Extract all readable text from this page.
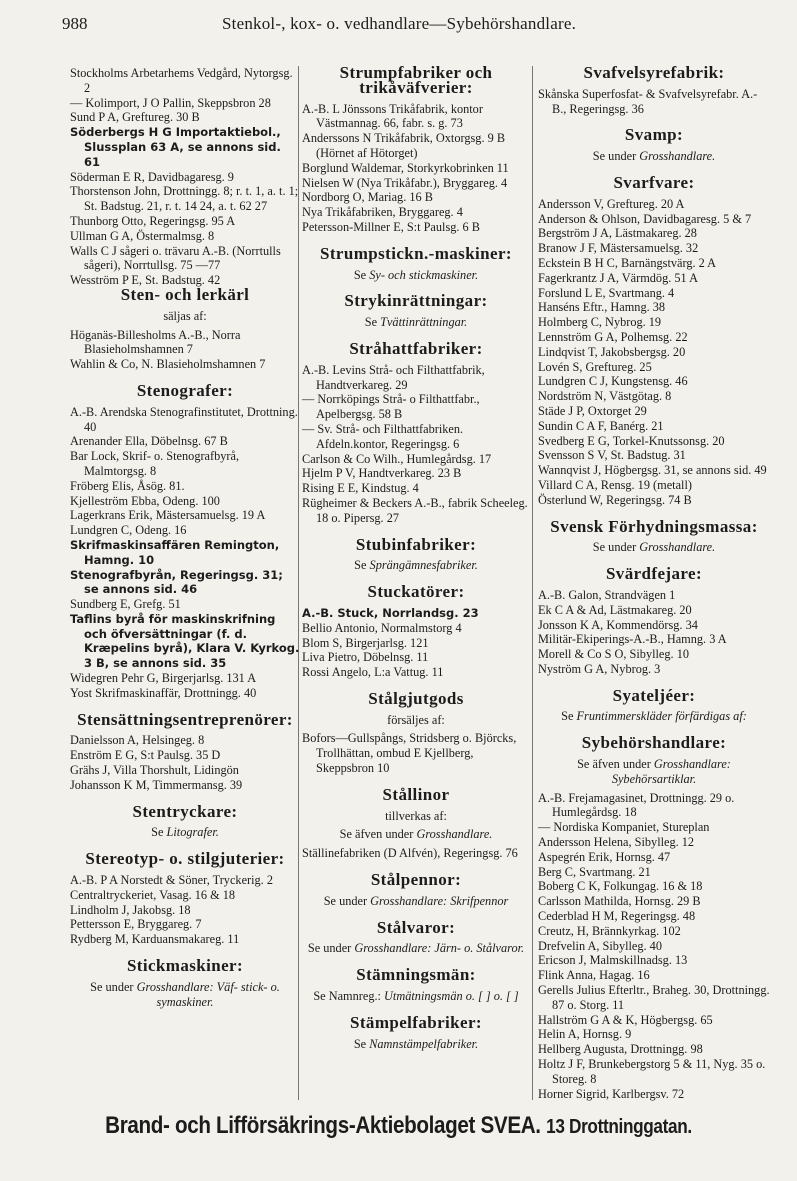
988	Stenkol-, kox- o. vedhandlare—Sybehörshandlare.
Stockholms Arbetarhems Vedgård, Nytorgsg. 2
— Kolimport, J O Pallin, Skeppsbron 28
Sund P A, Greftureg. 30 B
Söderbergs H G Importaktiebol., Slussplan 63 A, se annons sid. 61
Söderman E R, Davidbagaresg. 9
Thorstenson John, Drottningg. 8; r. t. 1, a. t. 1; St. Badstug. 21, r. t. 14 24, a. t. 62 27
Thunborg Otto, Regeringsg. 95 A
Ullman G A, Östermalmsg. 8
Walls C J sågeri o. trävaru A.-B. (Norrtulls sågeri), Norrtullsg. 75 —77
Wesström P E, St. Badstug. 42
Sten- och lerkärl
säljas af:
Höganäs-Billesholms A.-B., Norra Blasieholmshamnen 7
Wahlin & Co, N. Blasieholmshamnen 7
Stenografer:
A.-B. Arendska Stenografinstitutet, Drottning. 40
Arenander Ella, Döbelnsg. 67 B
Bar Lock, Skrif- o. Stenografbyrå, Malmtorgsg. 8
Fröberg Elis, Åsög. 81.
Kjelleström Ebba, Odeng. 100
Lagerkrans Erik, Mästersamuelsg. 19 A
Lundgren C, Odeng. 16
Skrifmaskinsaffären Remington, Hamng. 10
Stenografbyrån, Regeringsg. 31; se annons sid. 46
Sundberg E, Grefg. 51
Taflins byrå för maskinskrifning och öfversättningar (f. d. Kræpelins byrå), Klara V. Kyrkog. 3 B, se annons sid. 35
Widegren Pehr G, Birgerjarlsg. 131 A
Yost Skrifmaskinaffär, Drottningg. 40
Stensättningsentreprenörer:
Danielsson A, Helsingeg. 8
Enström E G, S:t Paulsg. 35 D
Grähs J, Villa Thorshult, Lidingön
Johansson K M, Timmermansg. 39
Stentryckare:
Se Litografer.
Stereotyp- o. stilgjuterier:
A.-B. P A Norstedt & Söner, Tryckerig. 2
Centraltryckeriet, Vasag. 16 & 18
Lindholm J, Jakobsg. 18
Pettersson E, Bryggareg. 7
Rydberg M, Karduansmakareg. 11
Stickmaskiner:
Se under Grosshandlare: Väf- stick- o. symaskiner.
Strumpfabriker och trikåväfverier:
A.-B. L Jönssons Trikåfabrik, kontor Västmannag. 66, fabr. s. g. 73
Anderssons N Trikåfabrik, Oxtorgsg. 9 B (Hörnet af Hötorget)
Borglund Waldemar, Storkyrkobrinken 11
Nielsen W (Nya Trikåfabr.), Bryggareg. 4
Nordborg O, Mariag. 16 B
Nya Trikåfabriken, Bryggareg. 4
Petersson-Millner E, S:t Paulsg. 6 B
Strumpstickn.-maskiner:
Se Sy- och stickmaskiner.
Strykinrättningar:
Se Tvättinrättningar.
Stråhattfabriker:
A.-B. Levins Strå- och Filthattfabrik, Handtverkareg. 29
— Norrköpings Strå- o Filthattfabr., Apelbergsg. 58 B
— Sv. Strå- och Filthattfabriken. Afdeln.kontor, Regeringsg. 6
Carlson & Co Wilh., Humlegårdsg. 17
Hjelm P V, Handtverkareg. 23 B
Rising E E, Kindstug. 4
Rügheimer & Beckers A.-B., fabrik Scheeleg. 18 o. Pipersg. 27
Stubinfabriker:
Se Sprängämnesfabriker.
Stuckatörer:
A.-B. Stuck, Norrlandsg. 23
Bellio Antonio, Normalmstorg 4
Blom S, Birgerjarlsg. 121
Liva Pietro, Döbelnsg. 11
Rossi Angelo, L:a Vattug. 11
Stålgjutgods
försäljes af:
Bofors—Gullspångs, Stridsberg o. Björcks, Trollhättan, ombud E Kjellberg, Skeppsbron 10
Stållinor
tillverkas af:
Se äfven under Grosshandlare.
Ställinefabriken (D Alfvén), Regeringsg. 76
Stålpennor:
Se under Grosshandlare: Skrifpennor
Stålvaror:
Se under Grosshandlare: Järn- o. Stålvaror.
Stämningsmän:
Se Namnreg.: Utmätningsmän o. [ ] o. [ ]
Stämpelfabriker:
Se Namnstämpelfabriker.
Svafvelsyrefabrik:
Skånska Superfosfat- & Svafvelsyrefabr. A.-B., Regeringsg. 36
Svamp:
Se under Grosshandlare.
Svarfvare:
Andersson V, Greftureg. 20 A
Anderson & Ohlson, Davidbagaresg. 5 & 7
Bergström J A, Lästmakareg. 28
Branow J F, Mästersamuelsg. 32
Eckstein B H C, Barnängstvärg. 2 A
Fagerkrantz J A, Värmdög. 51 A
Forslund L E, Svartmang. 4
Hanséns Eftr., Hamng. 38
Holmberg C, Nybrog. 19
Lennström G A, Polhemsg. 22
Lindqvist T, Jakobsbergsg. 20
Lovén S, Greftureg. 25
Lundgren C J, Kungstensg. 46
Nordström N, Västgötag. 8
Städe J P, Oxtorget 29
Sundin C A F, Banérg. 21
Svedberg E G, Torkel-Knutssonsg. 20
Svensson S V, St. Badstug. 31
Wannqvist J, Högbergsg. 31, se annons sid. 49
Villard C A, Rensg. 19 (metall)
Österlund W, Regeringsg. 74 B
Svensk Förhydningsmassa:
Se under Grosshandlare.
Svärdfejare:
A.-B. Galon, Strandvägen 1
Ek C A & Ad, Lästmakareg. 20
Jonsson K A, Kommendörsg. 34
Militär-Ekiperings-A.-B., Hamng. 3 A
Morell & Co S O, Sibylleg. 10
Nyström G A, Nybrog. 3
Syateljéer:
Se Fruntimmerskläder förfärdigas af:
Sybehörshandlare:
Se äfven under Grosshandlare: Sybehörsartiklar.
A.-B. Frejamagasinet, Drottningg. 29 o. Humlegårdsg. 18
— Nordiska Kompaniet, Stureplan
Andersson Helena, Sibylleg. 12
Aspegrén Erik, Hornsg. 47
Berg C, Svartmang. 21
Boberg C K, Folkungag. 16 & 18
Carlsson Mathilda, Hornsg. 29 B
Cederblad H M, Regeringsg. 48
Creutz, H, Brännkyrkag. 102
Drefvelin A, Sibylleg. 40
Ericson J, Malmskillnadsg. 13
Flink Anna, Hagag. 16
Gerells Julius Efterltr., Braheg. 30, Drottningg. 87 o. Storg. 11
Hallström G A & K, Högbergsg. 65
Helin A, Hornsg. 9
Hellberg Augusta, Drottningg. 98
Holtz J F, Brunkebergstorg 5 & 11, Nyg. 35 o. Storeg. 8
Horner Sigrid, Karlbergsv. 72
Brand- och Lifförsäkrings-Aktiebolaget SVEA. 13 Drottninggatan.
